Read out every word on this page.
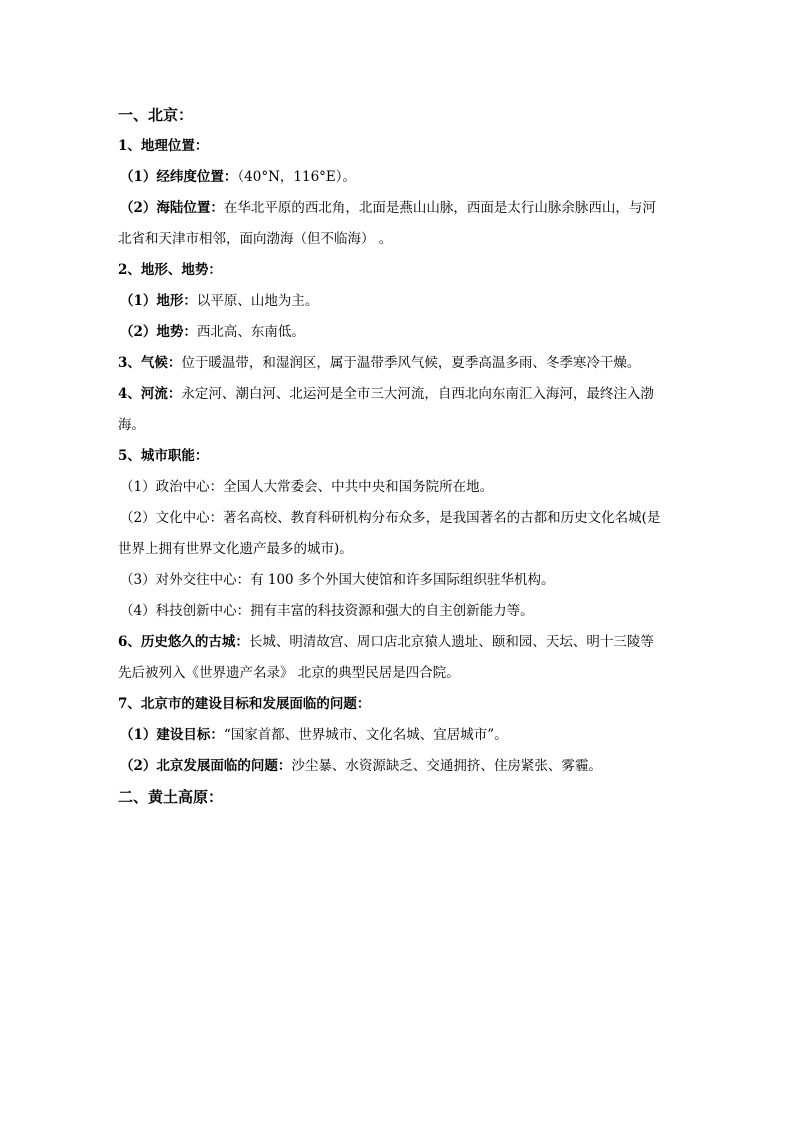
一、北京：
1、地理位置：
（1）经纬度位置：（40°N，116°E）。
（2）海陆位置：在华北平原的西北角，北面是燕山山脉，西面是太行山脉余脉西山，与河
北省和天津市相邻，面向渤海（但不临海） 。
2、地形、地势：
（1）地形：以平原、山地为主。
（2）地势：西北高、东南低。
3、气候：位于暖温带，和湿润区，属于温带季风气候，夏季高温多雨、冬季寒冷干燥。
4、河流：永定河、潮白河、北运河是全市三大河流，自西北向东南汇入海河，最终注入渤
海。
5、城市职能：
（1）政治中心：全国人大常委会、中共中央和国务院所在地。
（2）文化中心：著名高校、教育科研机构分布众多，是我国著名的古都和历史文化名城(是
世界上拥有世界文化遗产最多的城市)。
（3）对外交往中心：有 100 多个外国大使馆和许多国际组织驻华机构。
（4）科技创新中心：拥有丰富的科技资源和强大的自主创新能力等。
6、历史悠久的古城：长城、明清故宫、周口店北京猿人遗址、颐和园、天坛、明十三陵等
先后被列入《世界遗产名录》 北京的典型民居是四合院。
7、北京市的建设目标和发展面临的问题：
（1）建设目标：“国家首都、世界城市、文化名城、宜居城市”。
（2）北京发展面临的问题：沙尘暴、水资源缺乏、交通拥挤、住房紧张、雾霾。
二、黄土高原：
